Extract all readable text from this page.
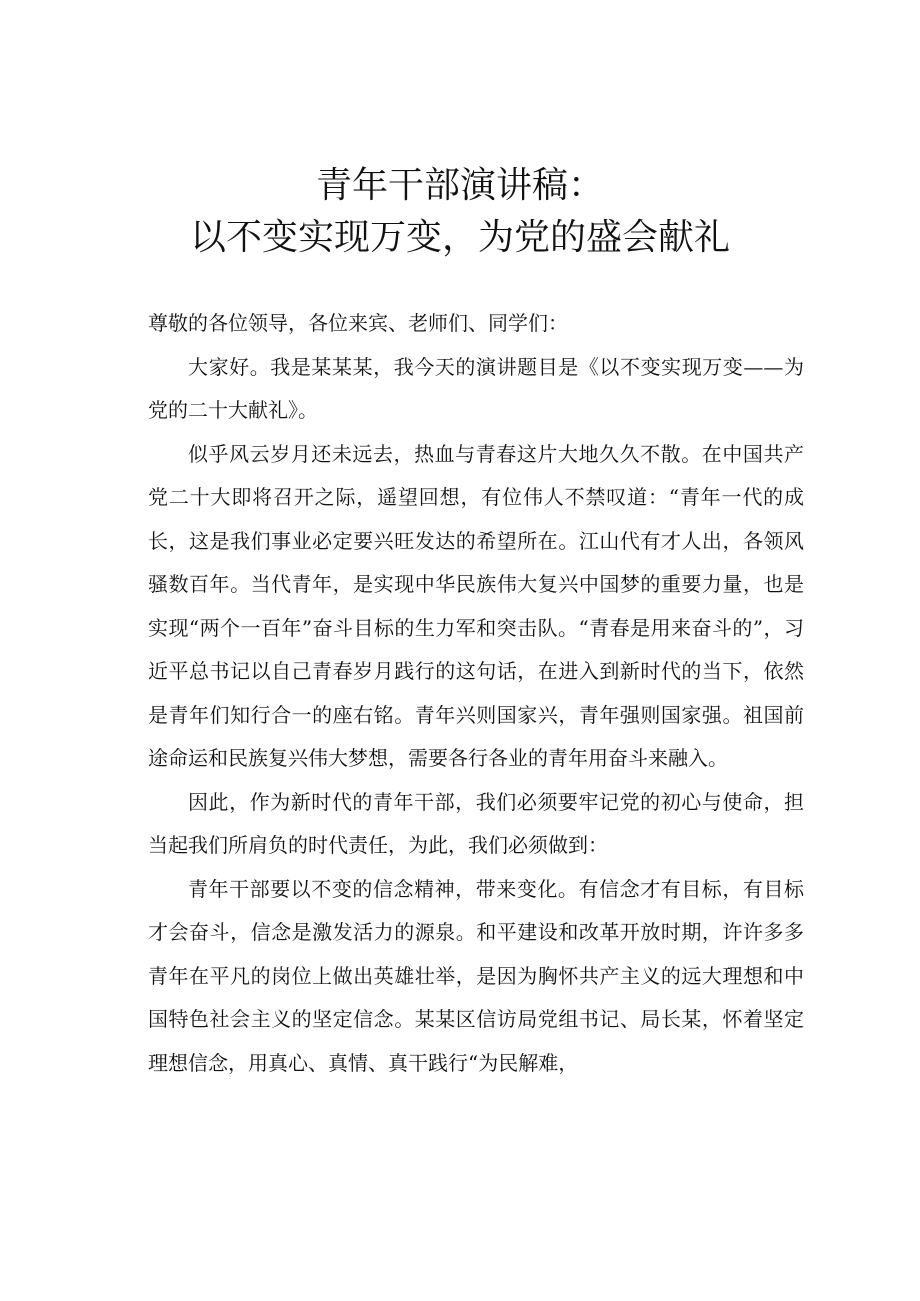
青年干部演讲稿：
以不变实现万变，为党的盛会献礼

尊敬的各位领导，各位来宾、老师们、同学们：

大家好。我是某某某，我今天的演讲题目是《以不变实现万变——为党的二十大献礼》。

似乎风云岁月还未远去，热血与青春这片大地久久不散。在中国共产党二十大即将召开之际，遥望回想，有位伟人不禁叹道：“青年一代的成长，这是我们事业必定要兴旺发达的希望所在。江山代有才人出，各领风骚数百年。当代青年，是实现中华民族伟大复兴中国梦的重要力量，也是实现“两个一百年”奋斗目标的生力军和突击队。“青春是用来奋斗的”，习近平总书记以自己青春岁月践行的这句话，在进入到新时代的当下，依然是青年们知行合一的座右铭。青年兴则国家兴，青年强则国家强。祖国前途命运和民族复兴伟大梦想，需要各行各业的青年用奋斗来融入。

因此，作为新时代的青年干部，我们必须要牢记党的初心与使命，担当起我们所肩负的时代责任，为此，我们必须做到：

青年干部要以不变的信念精神，带来变化。有信念才有目标，有目标才会奋斗，信念是激发活力的源泉。和平建设和改革开放时期，许许多多青年在平凡的岗位上做出英雄壮举，是因为胸怀共产主义的远大理想和中国特色社会主义的坚定信念。某某区信访局党组书记、局长某，怀着坚定理想信念，用真心、真情、真干践行“为民解难，
